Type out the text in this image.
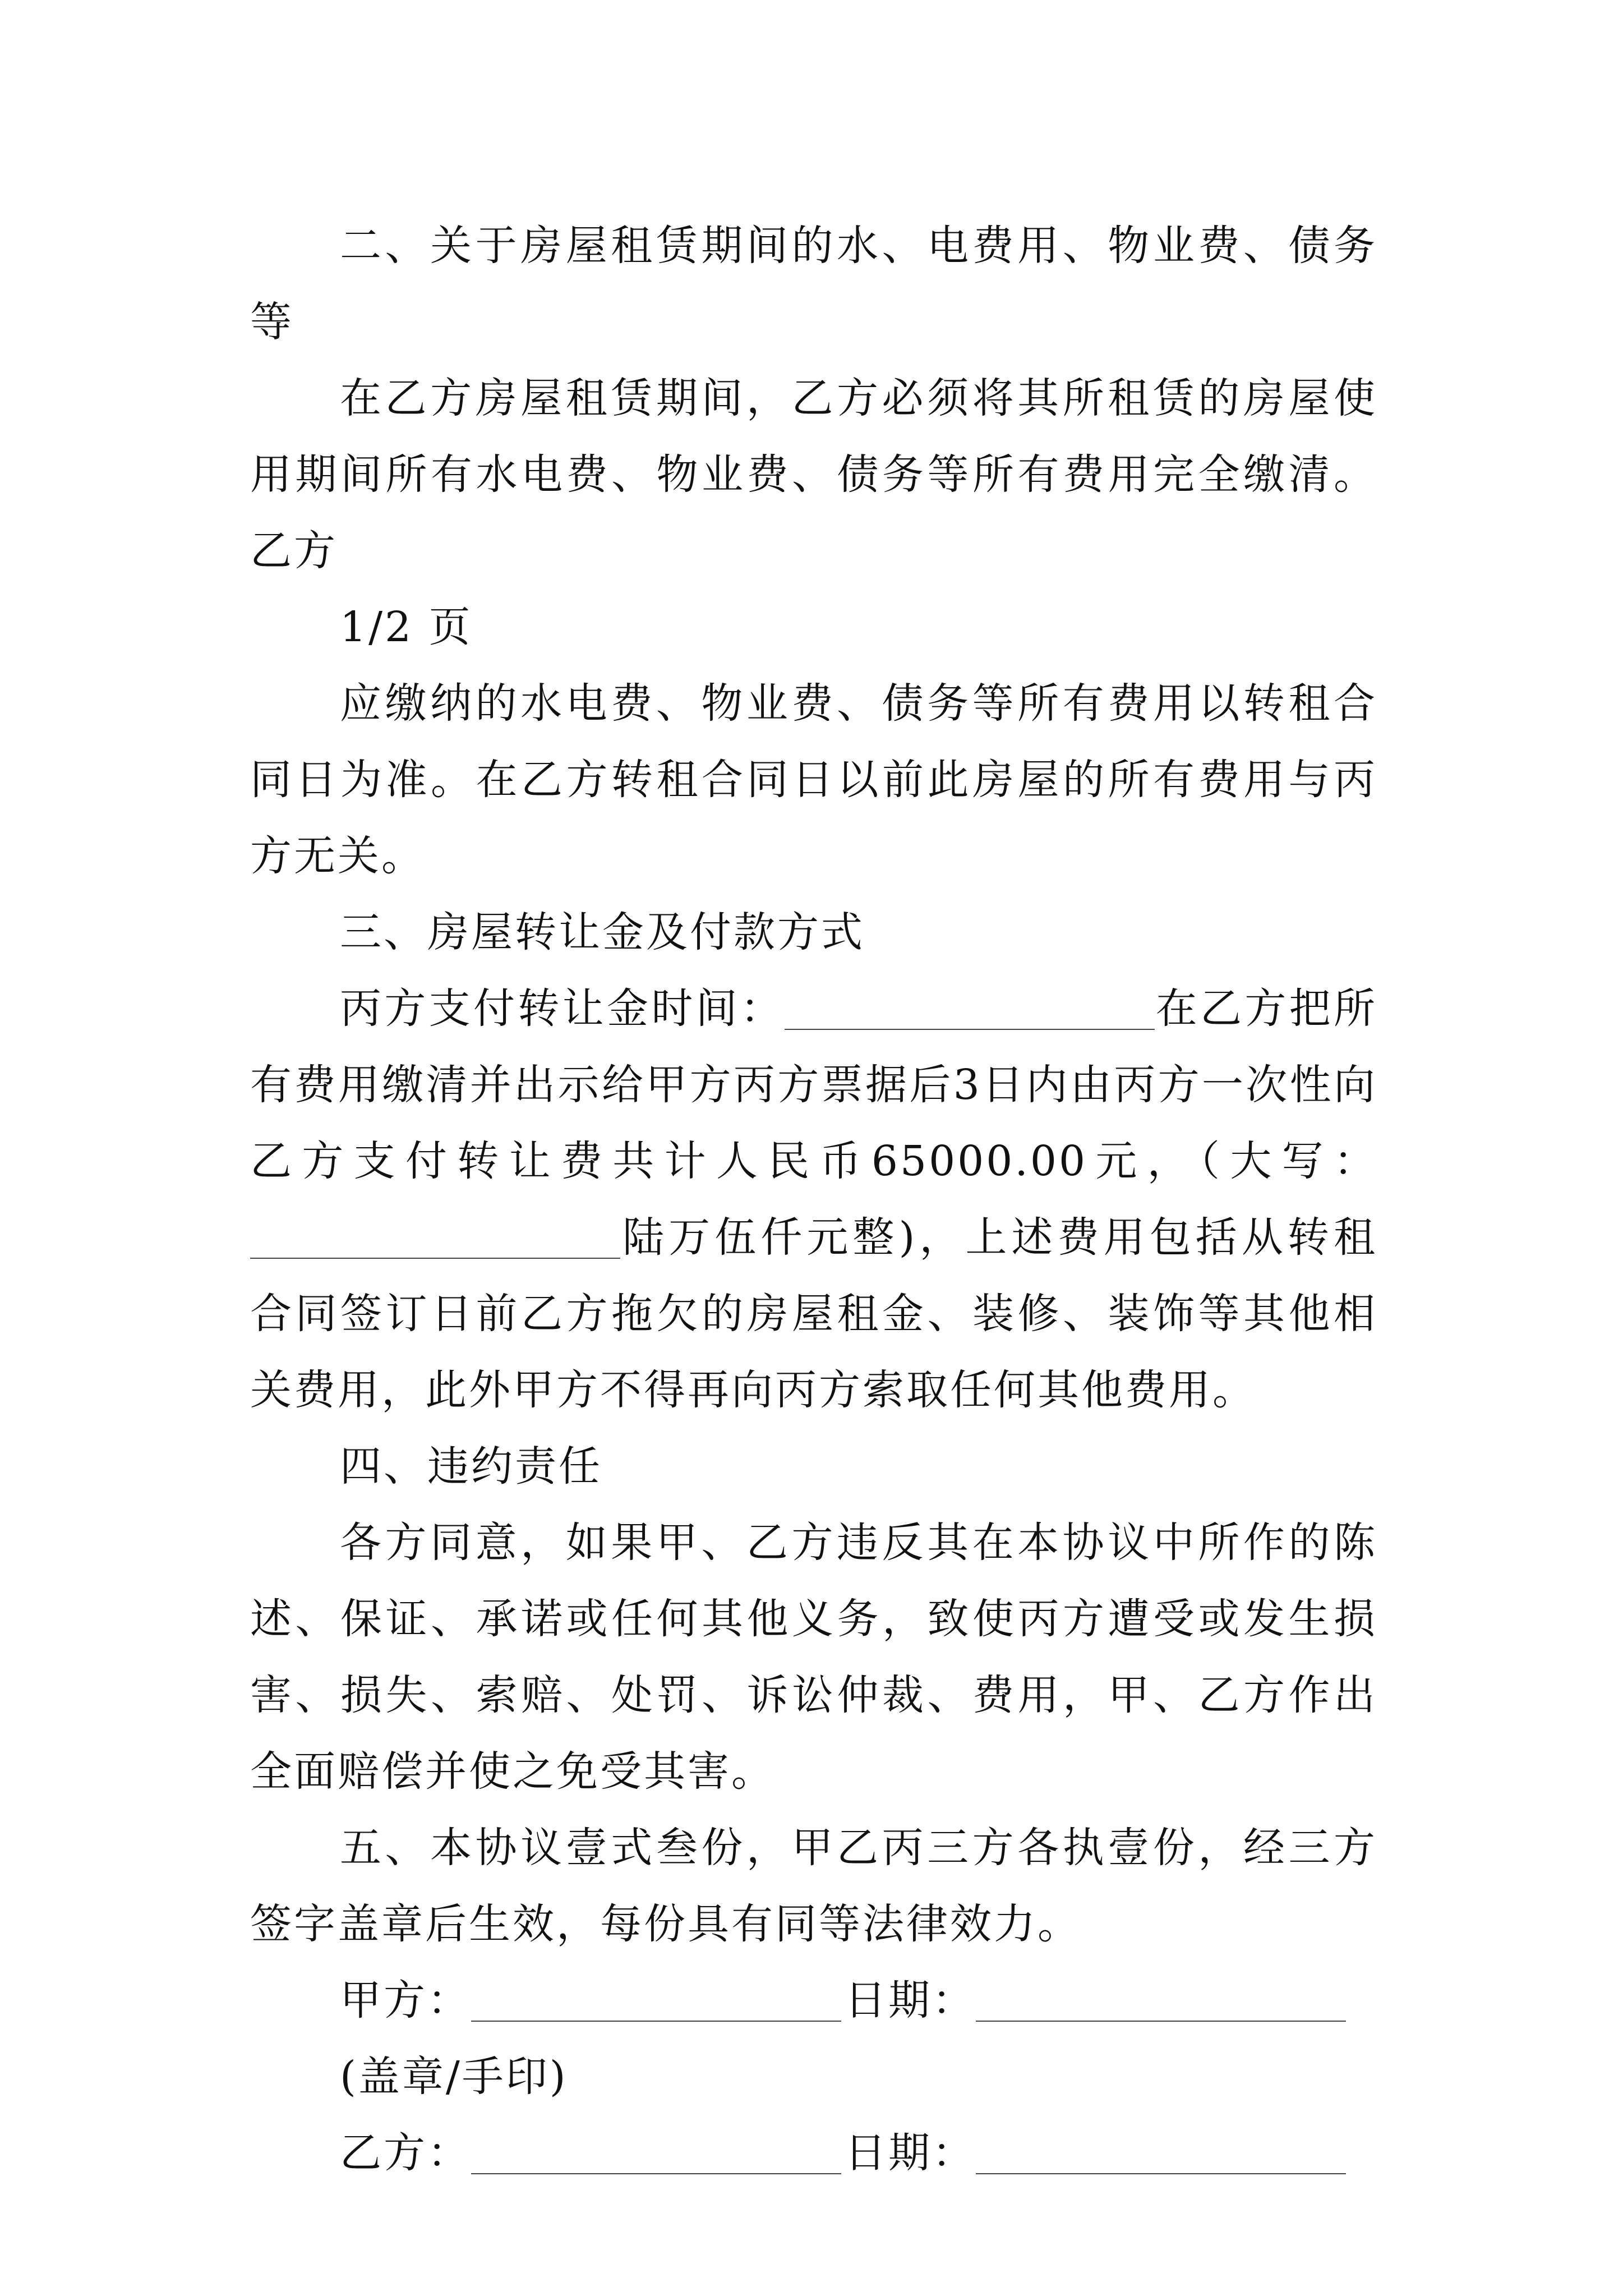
二、关于房屋租赁期间的水、电费用、物业费、债务等

在乙方房屋租赁期间，乙方必须将其所租赁的房屋使用期间所有水电费、物业费、债务等所有费用完全缴清。乙方

1/2 页

应缴纳的水电费、物业费、债务等所有费用以转租合同日为准。在乙方转租合同日以前此房屋的所有费用与丙方无关。

三、房屋转让金及付款方式

丙方支付转让金时间：	在乙方把所有费用缴清并出示给甲方丙方票据后3日内由丙方一次性向乙方支付转让费共计人民币65000.00元，（大写：陆万伍仟元整)，上述费用包括从转租合同签订日前乙方拖欠的房屋租金、装修、装饰等其他相关费用，此外甲方不得再向丙方索取任何其他费用。

四、违约责任

各方同意，如果甲、乙方违反其在本协议中所作的陈述、保证、承诺或任何其他义务，致使丙方遭受或发生损害、损失、索赔、处罚、诉讼仲裁、费用，甲、乙方作出全面赔偿并使之免受其害。

五、本协议壹式叁份，甲乙丙三方各执壹份，经三方签字盖章后生效，每份具有同等法律效力。

甲方：	日期：

(盖章/手印)

乙方：	日期：
